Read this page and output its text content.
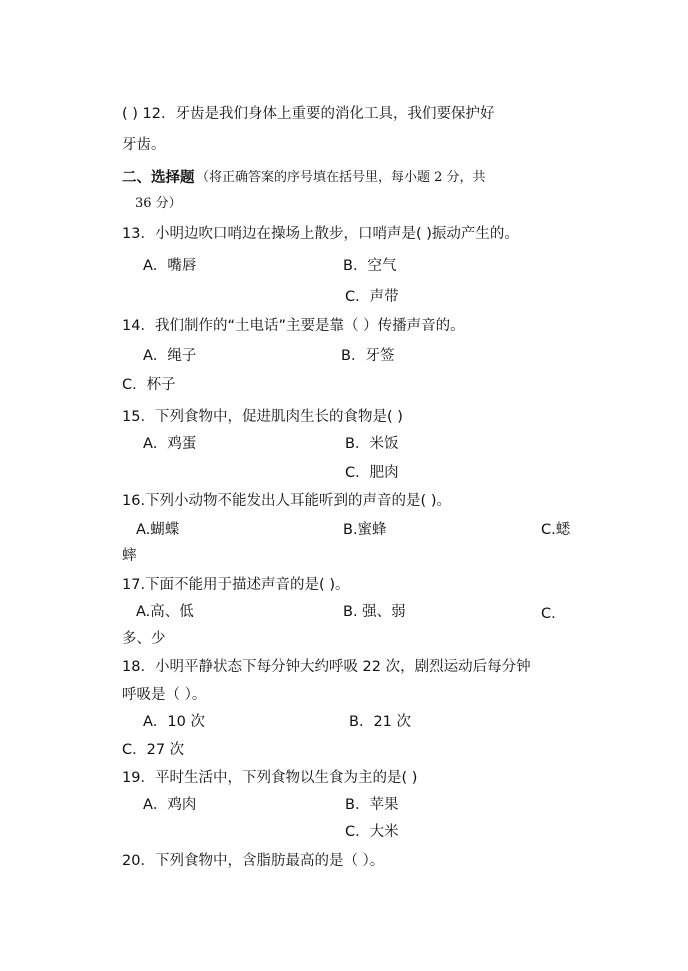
( ) 12．牙齿是我们身体上重要的消化工具，我们要保护好
牙齿。
二、选择题 （将正确答案的序号填在括号里，每小题 2 分，共
36 分）
13．小明边吹口哨边在操场上散步，口哨声是( )振动产生的。
A．嘴唇	B．空气
C．声带
14．我们制作的“土电话”主要是靠（ ）传播声音的。
A．绳子	B．牙签
C．杯子
15．下列食物中，促进肌肉生长的食物是( )
A．鸡蛋	B．米饭
C．肥肉
16.下列小动物不能发出人耳能听到的声音的是( )。
A.蝴蝶	B.蜜蜂	C.蟋
蟀
17.下面不能用于描述声音的是( )。
A.高、低	B. 强、弱	C.
多、少
18．小明平静状态下每分钟大约呼吸 22 次，剧烈运动后每分钟
呼吸是（ ）。
A．10 次	B．21 次
C．27 次
19．平时生活中，下列食物以生食为主的是( )
A．鸡肉	B．苹果
C．大米
20．下列食物中，含脂肪最高的是（ ）。
